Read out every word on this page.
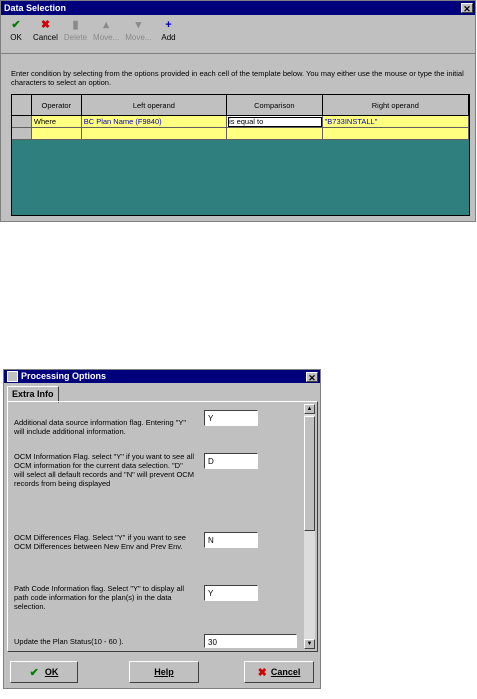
Data Selection	✕
✔
OK
✖
Cancel
▮
Delete
▴
Move...
▾
Move...
+
Add
Enter condition by selecting from the options provided in each cell of the template below. You may either use the mouse or type the initial characters to select an option.
Operator	Left operand	Comparison	Right operand
Where	BC Plan Name (F9840)	is equal to	"B733INSTALL"
Processing Options	✕
Extra Info
Additional data source information flag. Entering "Y" will include additional information.
Y
OCM Information Flag. select "Y" if you want to see all OCM information for the current data selection. "D" will select all default records and "N" will prevent OCM records from being displayed
D
OCM Differences Flag. Select "Y" if you want to see OCM Differences between New Env and Prev Env.
N
Path Code Information flag. Select "Y" to display all path code information for the plan(s) in the data selection.
Y
Update the Plan Status(10 - 60 ).	30
▲
▼
✔ OK	Help	✖ Cancel
